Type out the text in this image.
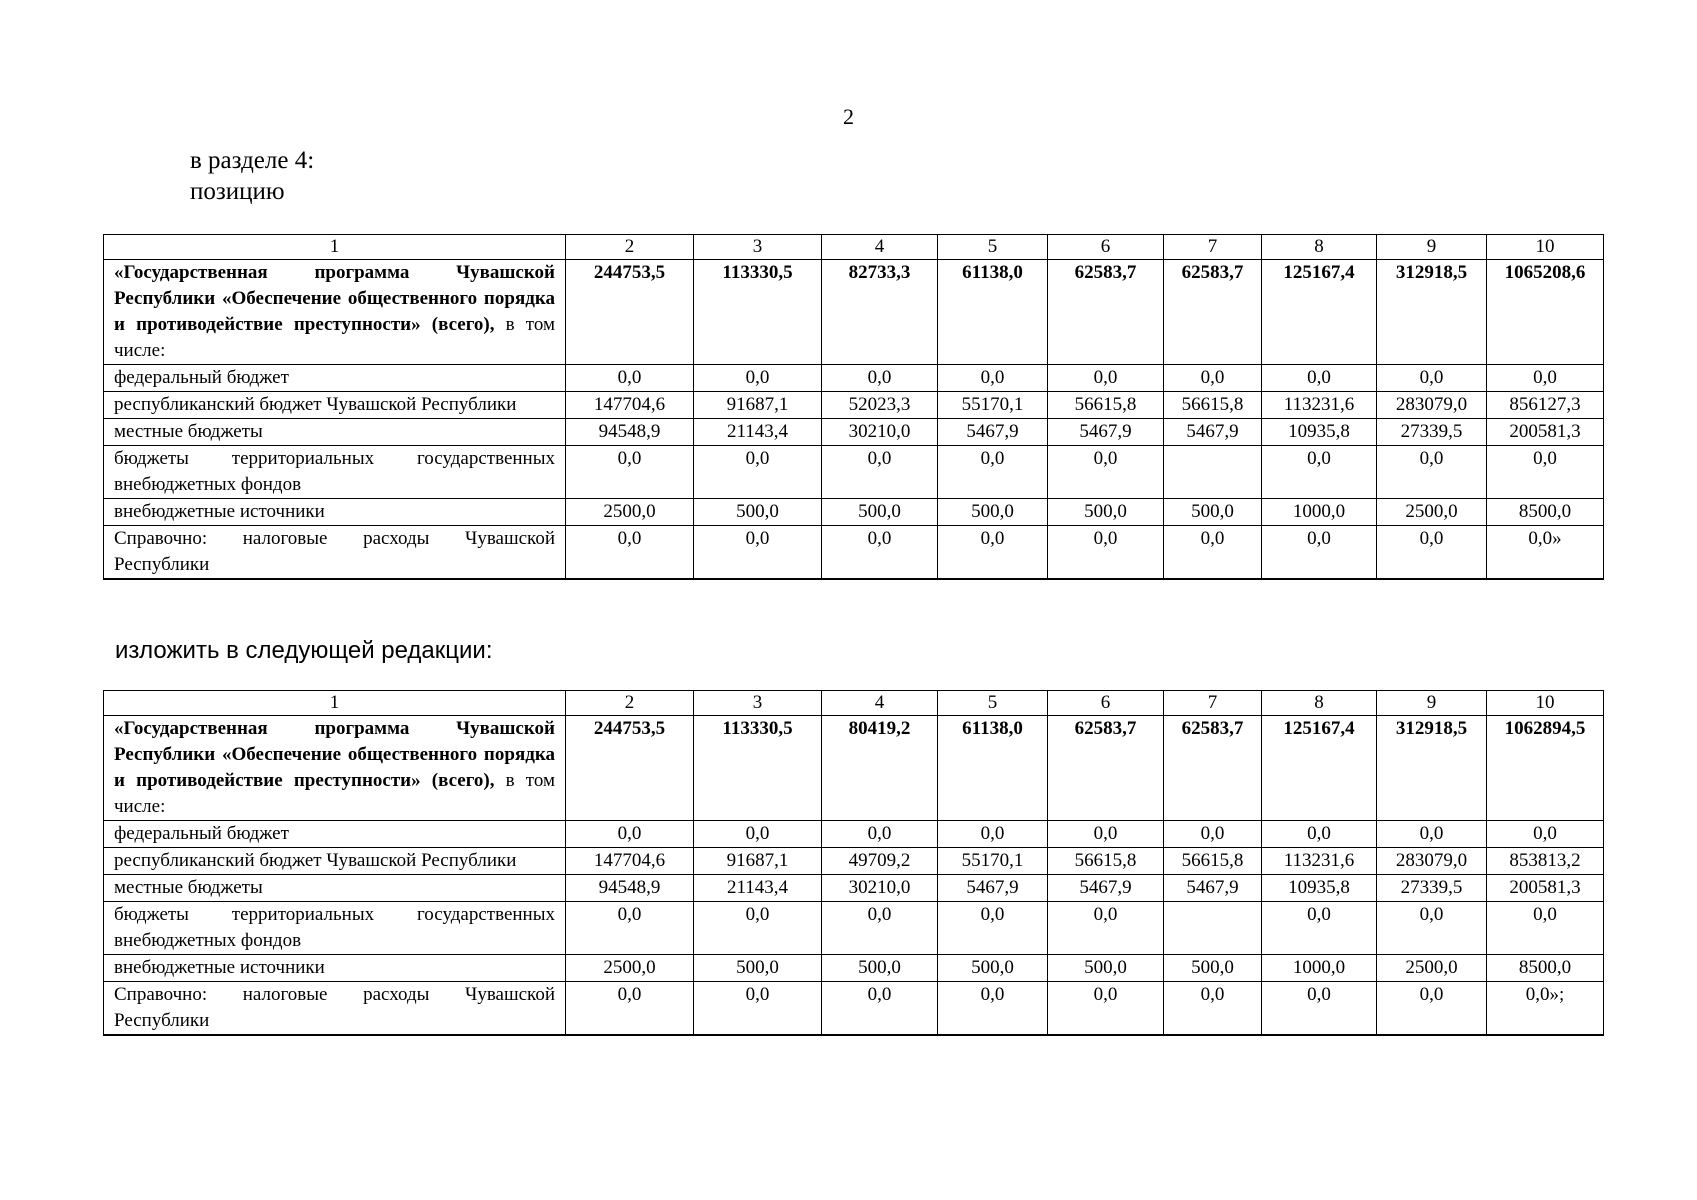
2
в разделе 4:
позицию
1	2	3	4	5	6	7	8	9	10
«Государственная программа Чувашской Республики «Обеспечение общественного порядка и противодействие преступности» (всего), в том числе:	244753,5	113330,5	82733,3	61138,0	62583,7	62583,7	125167,4	312918,5	1065208,6
федеральный бюджет	0,0	0,0	0,0	0,0	0,0	0,0	0,0	0,0	0,0
республиканский бюджет Чувашской Республики	147704,6	91687,1	52023,3	55170,1	56615,8	56615,8	113231,6	283079,0	856127,3
местные бюджеты	94548,9	21143,4	30210,0	5467,9	5467,9	5467,9	10935,8	27339,5	200581,3
бюджеты территориальных государственных внебюджетных фондов	0,0	0,0	0,0	0,0	0,0		0,0	0,0	0,0
внебюджетные источники	2500,0	500,0	500,0	500,0	500,0	500,0	1000,0	2500,0	8500,0
Справочно: налоговые расходы Чувашской Республики	0,0	0,0	0,0	0,0	0,0	0,0	0,0	0,0	0,0»
изложить в следующей редакции:
1	2	3	4	5	6	7	8	9	10
«Государственная программа Чувашской Республики «Обеспечение общественного порядка и противодействие преступности» (всего), в том числе:	244753,5	113330,5	80419,2	61138,0	62583,7	62583,7	125167,4	312918,5	1062894,5
федеральный бюджет	0,0	0,0	0,0	0,0	0,0	0,0	0,0	0,0	0,0
республиканский бюджет Чувашской Республики	147704,6	91687,1	49709,2	55170,1	56615,8	56615,8	113231,6	283079,0	853813,2
местные бюджеты	94548,9	21143,4	30210,0	5467,9	5467,9	5467,9	10935,8	27339,5	200581,3
бюджеты территориальных государственных внебюджетных фондов	0,0	0,0	0,0	0,0	0,0		0,0	0,0	0,0
внебюджетные источники	2500,0	500,0	500,0	500,0	500,0	500,0	1000,0	2500,0	8500,0
Справочно: налоговые расходы Чувашской Республики	0,0	0,0	0,0	0,0	0,0	0,0	0,0	0,0	0,0»;
